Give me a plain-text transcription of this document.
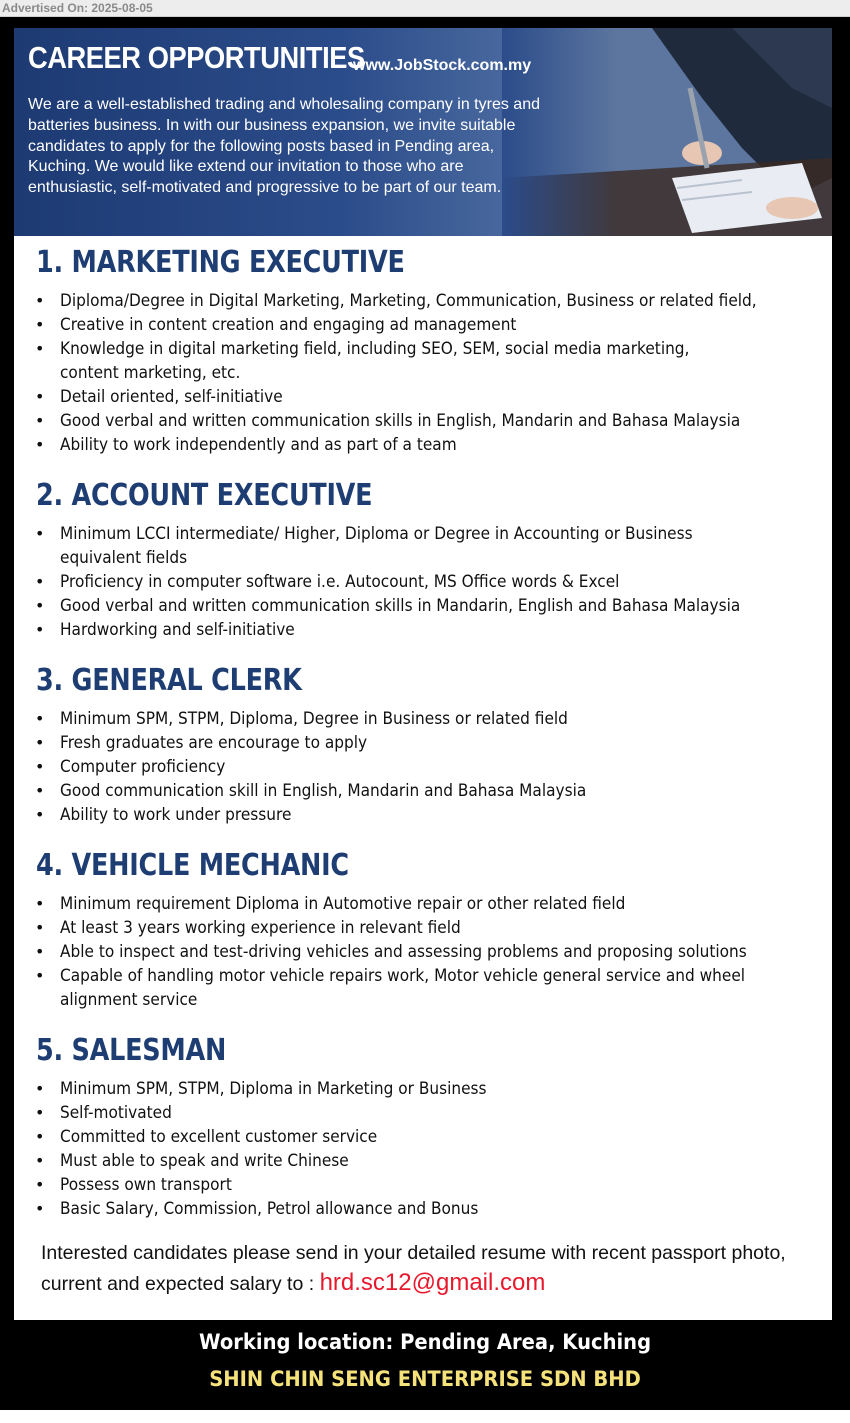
Advertised On: 2025-08-05
CAREER OPPORTUNITIES
www.JobStock.com.my
We are a well-established trading and wholesaling company in tyres and batteries business. In with our business expansion, we invite suitable candidates to apply for the following posts based in Pending area, Kuching. We would like extend our invitation to those who are enthusiastic, self-motivated and progressive to be part of our team.
1. MARKETING EXECUTIVE
• Diploma/Degree in Digital Marketing, Marketing, Communication, Business or related field,
• Creative in content creation and engaging ad management
• Knowledge in digital marketing field, including SEO, SEM, social media marketing,
content marketing, etc.
• Detail oriented, self-initiative
• Good verbal and written communication skills in English, Mandarin and Bahasa Malaysia
• Ability to work independently and as part of a team
2. ACCOUNT EXECUTIVE
• Minimum LCCI intermediate/ Higher, Diploma or Degree in Accounting or Business
equivalent fields
• Proficiency in computer software i.e. Autocount, MS Office words & Excel
• Good verbal and written communication skills in Mandarin, English and Bahasa Malaysia
• Hardworking and self-initiative
3. GENERAL CLERK
• Minimum SPM, STPM, Diploma, Degree in Business or related field
• Fresh graduates are encourage to apply
• Computer proficiency
• Good communication skill in English, Mandarin and Bahasa Malaysia
• Ability to work under pressure
4. VEHICLE MECHANIC
• Minimum requirement Diploma in Automotive repair or other related field
• At least 3 years working experience in relevant field
• Able to inspect and test-driving vehicles and assessing problems and proposing solutions
• Capable of handling motor vehicle repairs work, Motor vehicle general service and wheel
alignment service
5. SALESMAN
• Minimum SPM, STPM, Diploma in Marketing or Business
• Self-motivated
• Committed to excellent customer service
• Must able to speak and write Chinese
• Possess own transport
• Basic Salary, Commission, Petrol allowance and Bonus
Interested candidates please send in your detailed resume with recent passport photo,
current and expected salary to : hrd.sc12@gmail.com
Working location: Pending Area, Kuching
SHIN CHIN SENG ENTERPRISE SDN BHD
